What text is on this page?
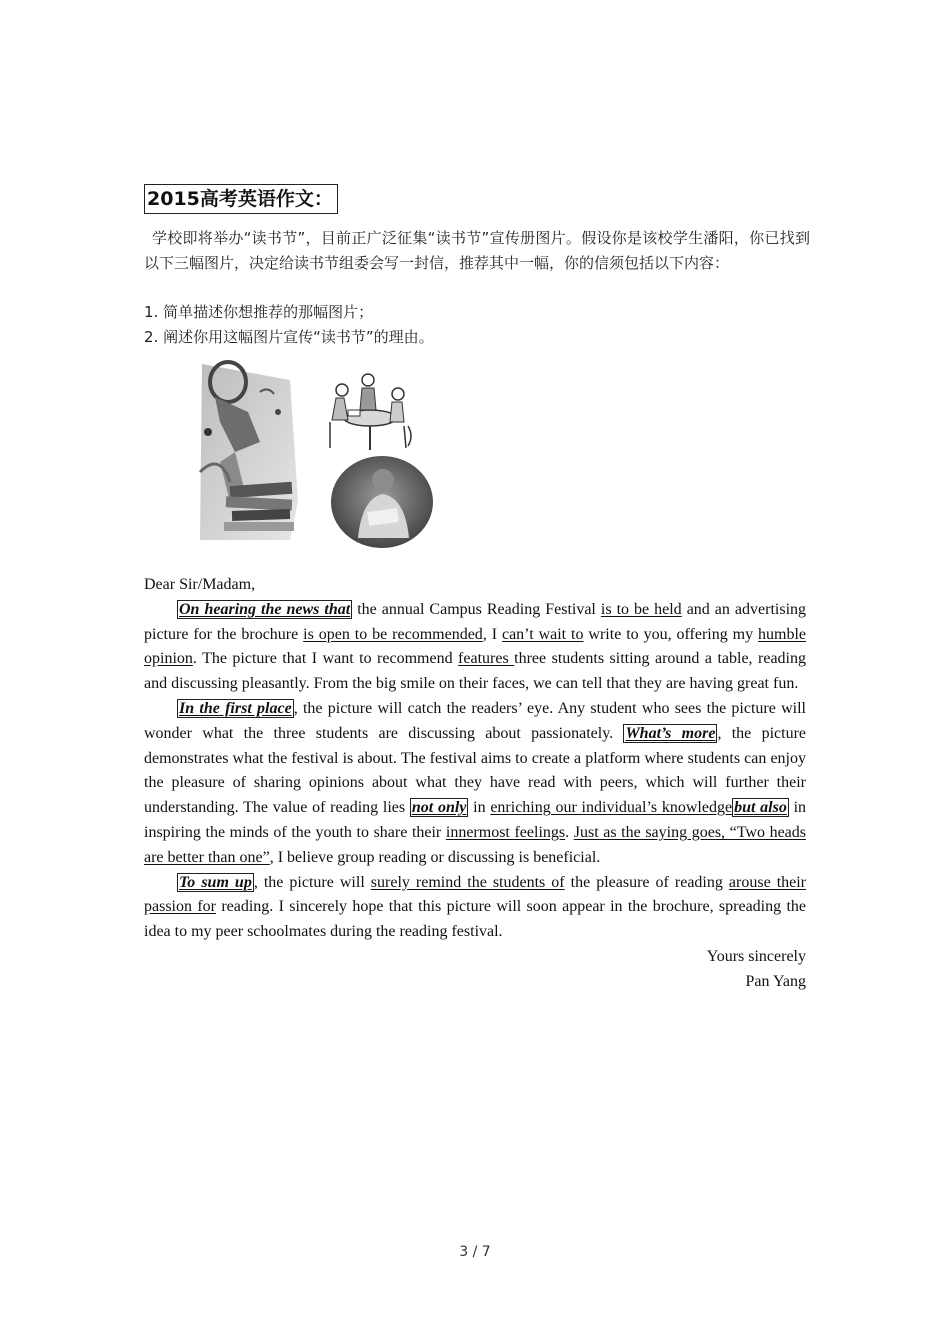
2015高考英语作文：
学校即将举办“读书节”，目前正广泛征集“读书节”宣传册图片。假设你是该校学生潘阳，你已找到以下三幅图片，决定给读书节组委会写一封信，推荐其中一幅，你的信须包括以下内容：
1. 简单描述你想推荐的那幅图片；
2. 阐述你用这幅图片宣传“读书节”的理由。

Dear Sir/Madam,

On hearing the news that the annual Campus Reading Festival is to be held and an advertising picture for the brochure is open to be recommended, I can’t wait to write to you, offering my humble opinion. The picture that I want to recommend features three students sitting around a table, reading and discussing pleasantly. From the big smile on their faces, we can tell that they are having great fun.

In the first place , the picture will catch the readers’ eye. Any student who sees the picture will wonder what the three students are discussing about passionately. What’s more , the picture demonstrates what the festival is about. The festival aims to create a platform where students can enjoy the pleasure of sharing opinions about what they have read with peers, which will further their understanding. The value of reading lies not only in enriching our individual’s knowledge but also in inspiring the minds of the youth to share their innermost feelings. Just as the saying goes, “Two heads are better than one”, I believe group reading or discussing is beneficial.

To sum up , the picture will surely remind the students of the pleasure of reading arouse their passion for reading. I sincerely hope that this picture will soon appear in the brochure, spreading the idea to my peer schoolmates during the reading festival.

Yours sincerely

Pan Yang

3 / 7
